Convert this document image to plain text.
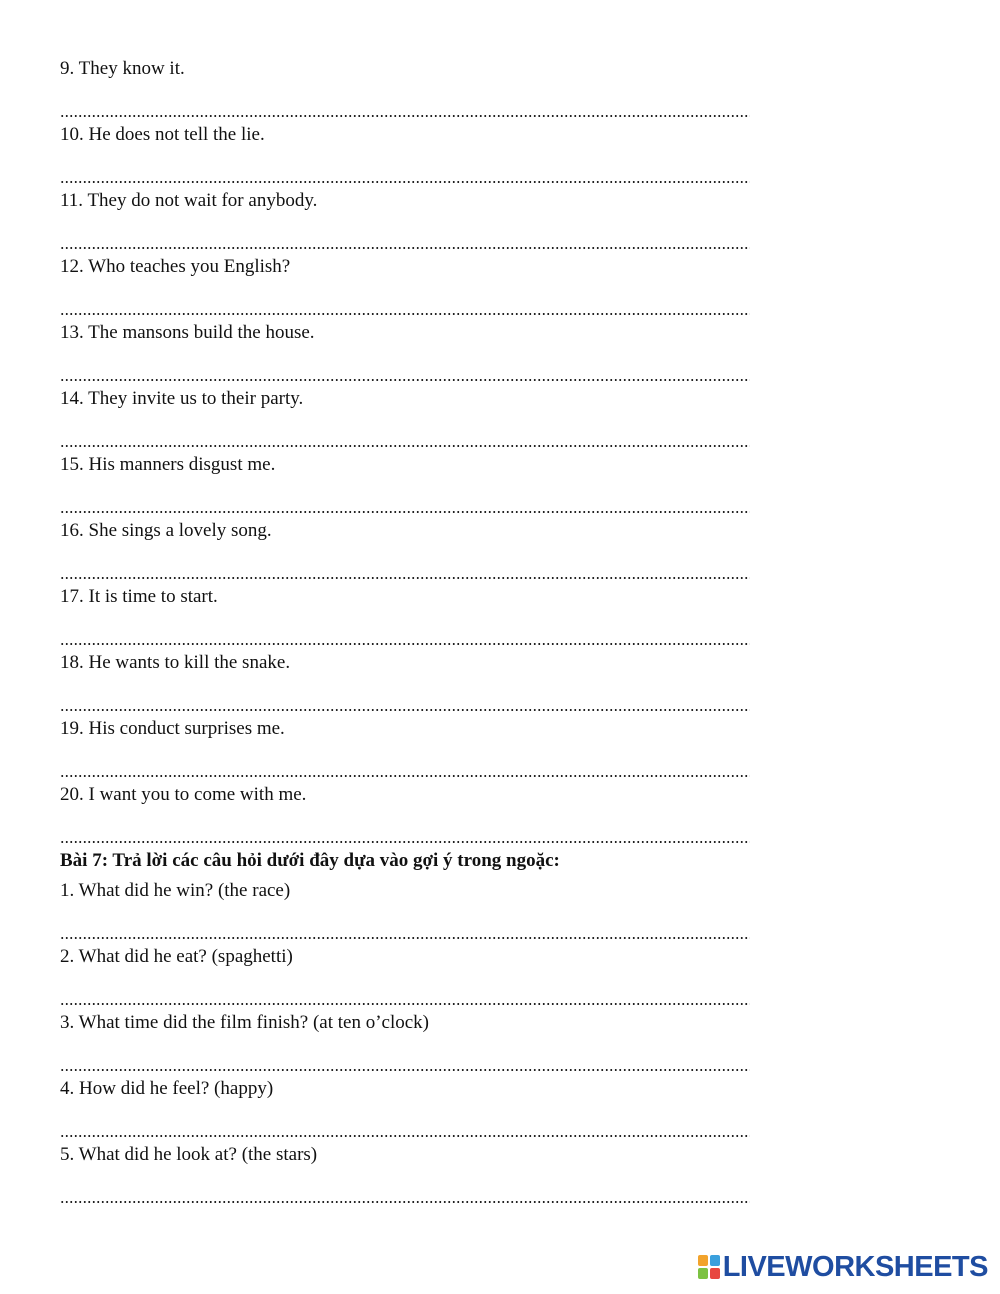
9. They know it.
10. He does not tell the lie.
11. They do not wait for anybody.
12. Who teaches you English?
13. The mansons build the house.
14. They invite us to their party.
15. His manners disgust me.
16. She sings a lovely song.
17. It is time to start.
18. He wants to kill the snake.
19. His conduct surprises me.
20. I want you to come with me.
Bài 7: Trả lời các câu hỏi dưới đây dựa vào gợi ý trong ngoặc:
1. What did he win? (the race)
2. What did he eat? (spaghetti)
3. What time did the film finish? (at ten o’clock)
4. How did he feel? (happy)
5. What did he look at? (the stars)
LIVEWORKSHEETS
